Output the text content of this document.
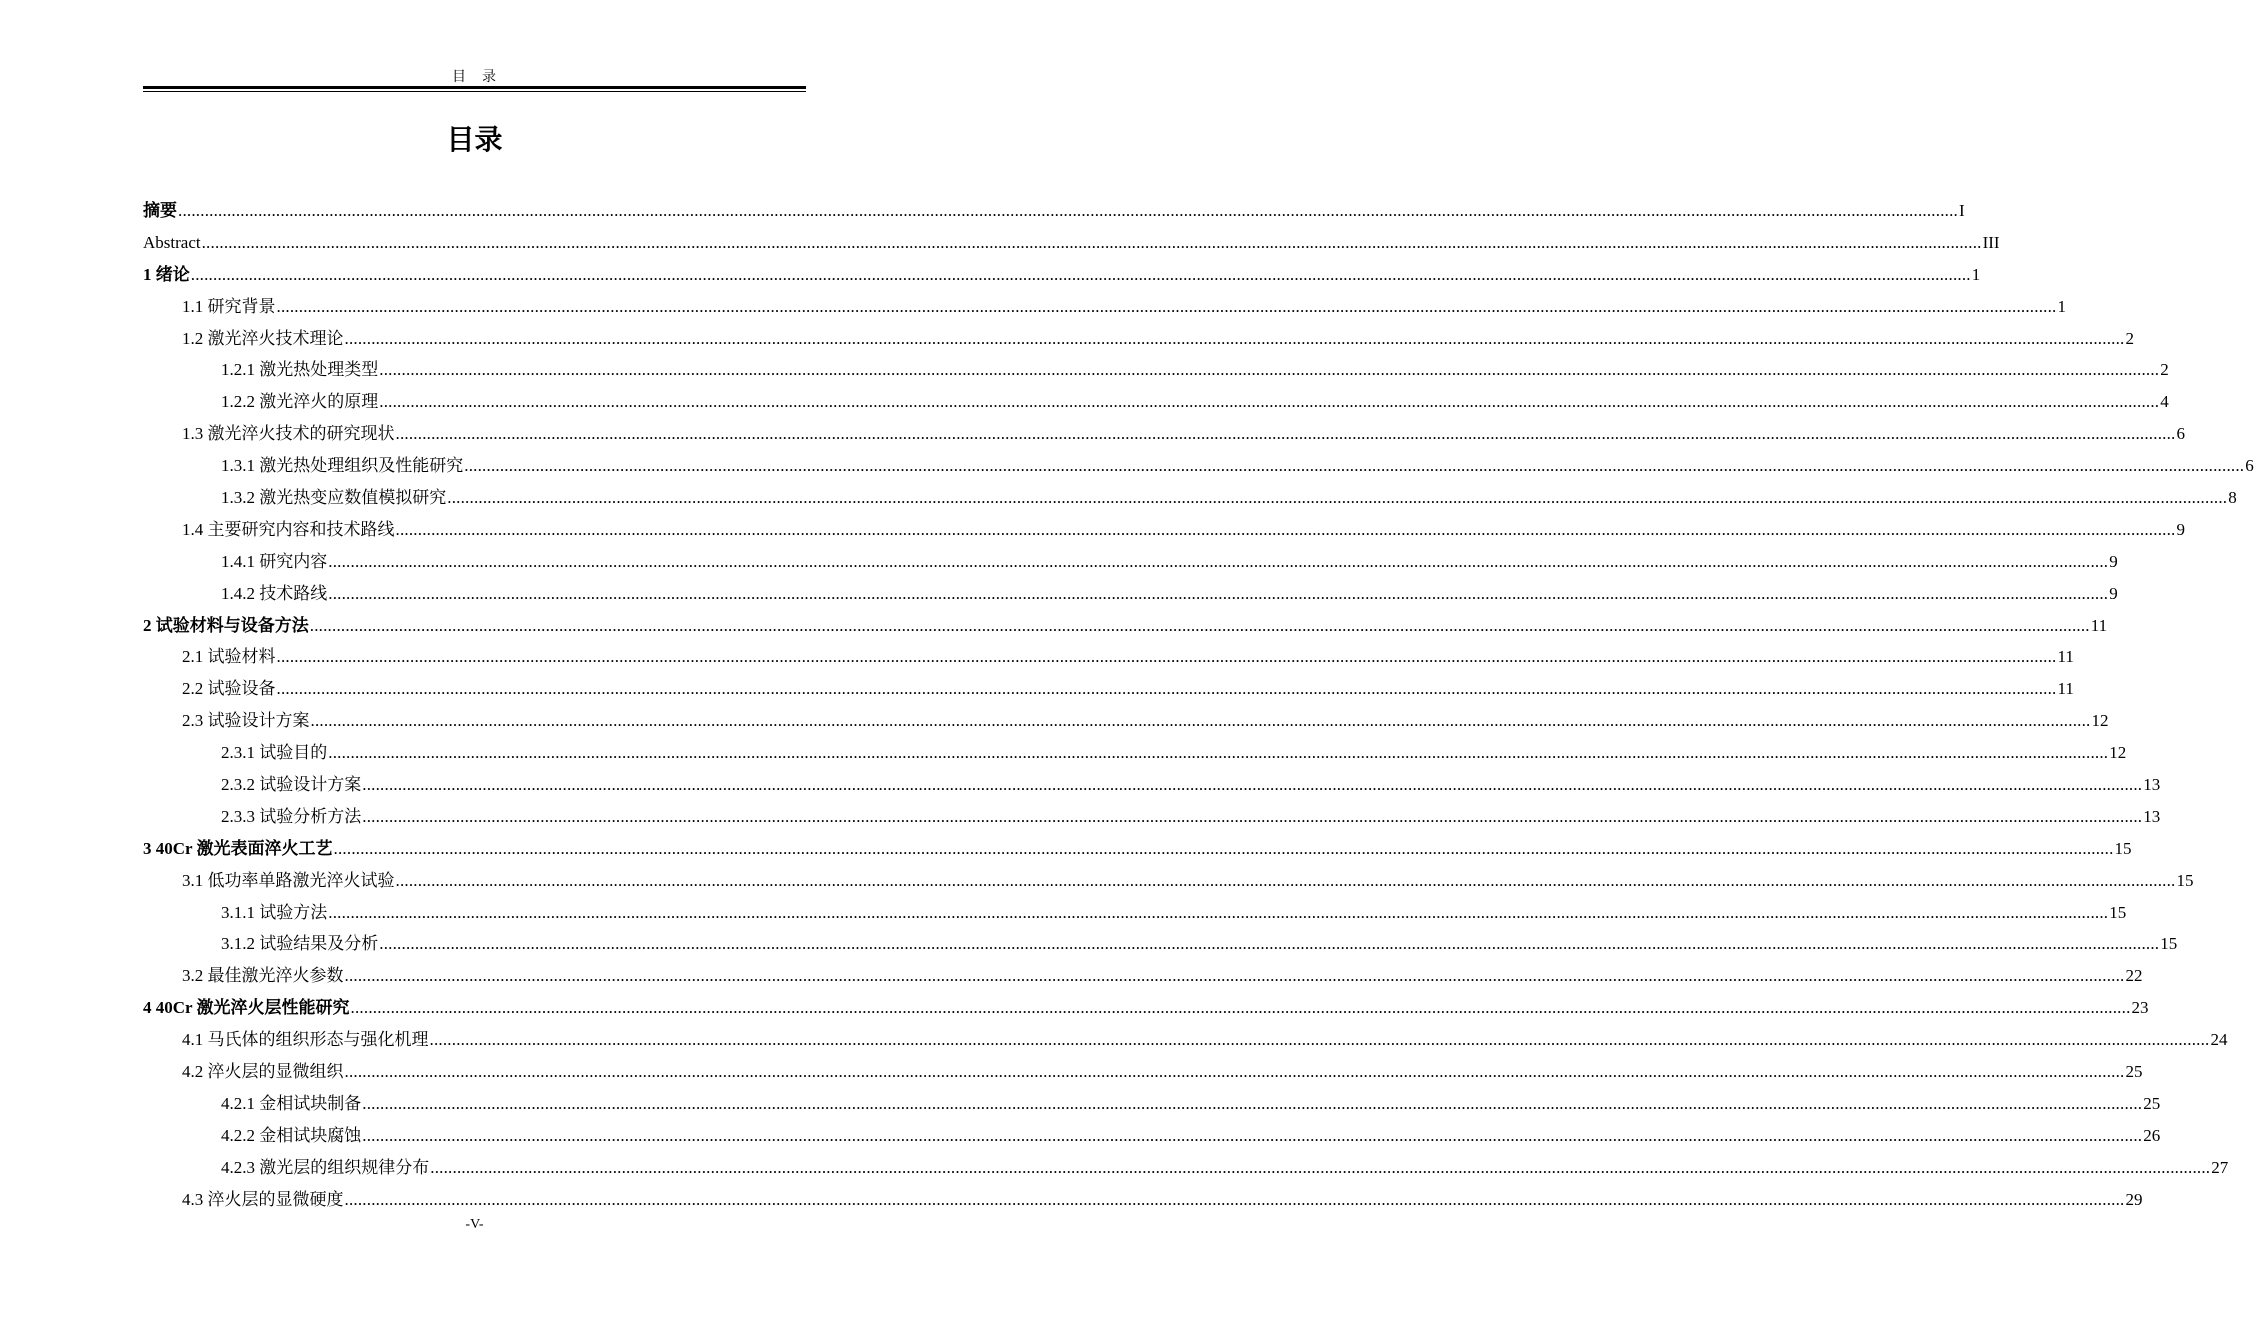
目　录
目录
摘要 ................................................................................................................................................................................................................................................................................................................................................................................................................ I
Abstract ................................................................................................................................................................................................................................................................................................................................................................................................................ III
1 绪论 ................................................................................................................................................................................................................................................................................................................................................................................................................ 1
1.1 研究背景 ................................................................................................................................................................................................................................................................................................................................................................................................................ 1
1.2 激光淬火技术理论 ................................................................................................................................................................................................................................................................................................................................................................................................................ 2
1.2.1 激光热处理类型 ................................................................................................................................................................................................................................................................................................................................................................................................................ 2
1.2.2 激光淬火的原理 ................................................................................................................................................................................................................................................................................................................................................................................................................ 4
1.3 激光淬火技术的研究现状 ................................................................................................................................................................................................................................................................................................................................................................................................................ 6
1.3.1 激光热处理组织及性能研究 ................................................................................................................................................................................................................................................................................................................................................................................................................ 6
1.3.2 激光热变应数值模拟研究 ................................................................................................................................................................................................................................................................................................................................................................................................................ 8
1.4 主要研究内容和技术路线 ................................................................................................................................................................................................................................................................................................................................................................................................................ 9
1.4.1 研究内容 ................................................................................................................................................................................................................................................................................................................................................................................................................ 9
1.4.2 技术路线 ................................................................................................................................................................................................................................................................................................................................................................................................................ 9
2 试验材料与设备方法 ................................................................................................................................................................................................................................................................................................................................................................................................................ 11
2.1 试验材料 ................................................................................................................................................................................................................................................................................................................................................................................................................ 11
2.2 试验设备 ................................................................................................................................................................................................................................................................................................................................................................................................................ 11
2.3 试验设计方案 ................................................................................................................................................................................................................................................................................................................................................................................................................ 12
2.3.1 试验目的 ................................................................................................................................................................................................................................................................................................................................................................................................................ 12
2.3.2 试验设计方案 ................................................................................................................................................................................................................................................................................................................................................................................................................ 13
2.3.3 试验分析方法 ................................................................................................................................................................................................................................................................................................................................................................................................................ 13
3 40Cr 激光表面淬火工艺 ................................................................................................................................................................................................................................................................................................................................................................................................................ 15
3.1 低功率单路激光淬火试验 ................................................................................................................................................................................................................................................................................................................................................................................................................ 15
3.1.1 试验方法 ................................................................................................................................................................................................................................................................................................................................................................................................................ 15
3.1.2 试验结果及分析 ................................................................................................................................................................................................................................................................................................................................................................................................................ 15
3.2 最佳激光淬火参数 ................................................................................................................................................................................................................................................................................................................................................................................................................ 22
4 40Cr 激光淬火层性能研究 ................................................................................................................................................................................................................................................................................................................................................................................................................ 23
4.1 马氏体的组织形态与强化机理 ................................................................................................................................................................................................................................................................................................................................................................................................................ 24
4.2 淬火层的显微组织 ................................................................................................................................................................................................................................................................................................................................................................................................................ 25
4.2.1 金相试块制备 ................................................................................................................................................................................................................................................................................................................................................................................................................ 25
4.2.2 金相试块腐蚀 ................................................................................................................................................................................................................................................................................................................................................................................................................ 26
4.2.3 激光层的组织规律分布 ................................................................................................................................................................................................................................................................................................................................................................................................................ 27
4.3 淬火层的显微硬度 ................................................................................................................................................................................................................................................................................................................................................................................................................ 29
-V-
